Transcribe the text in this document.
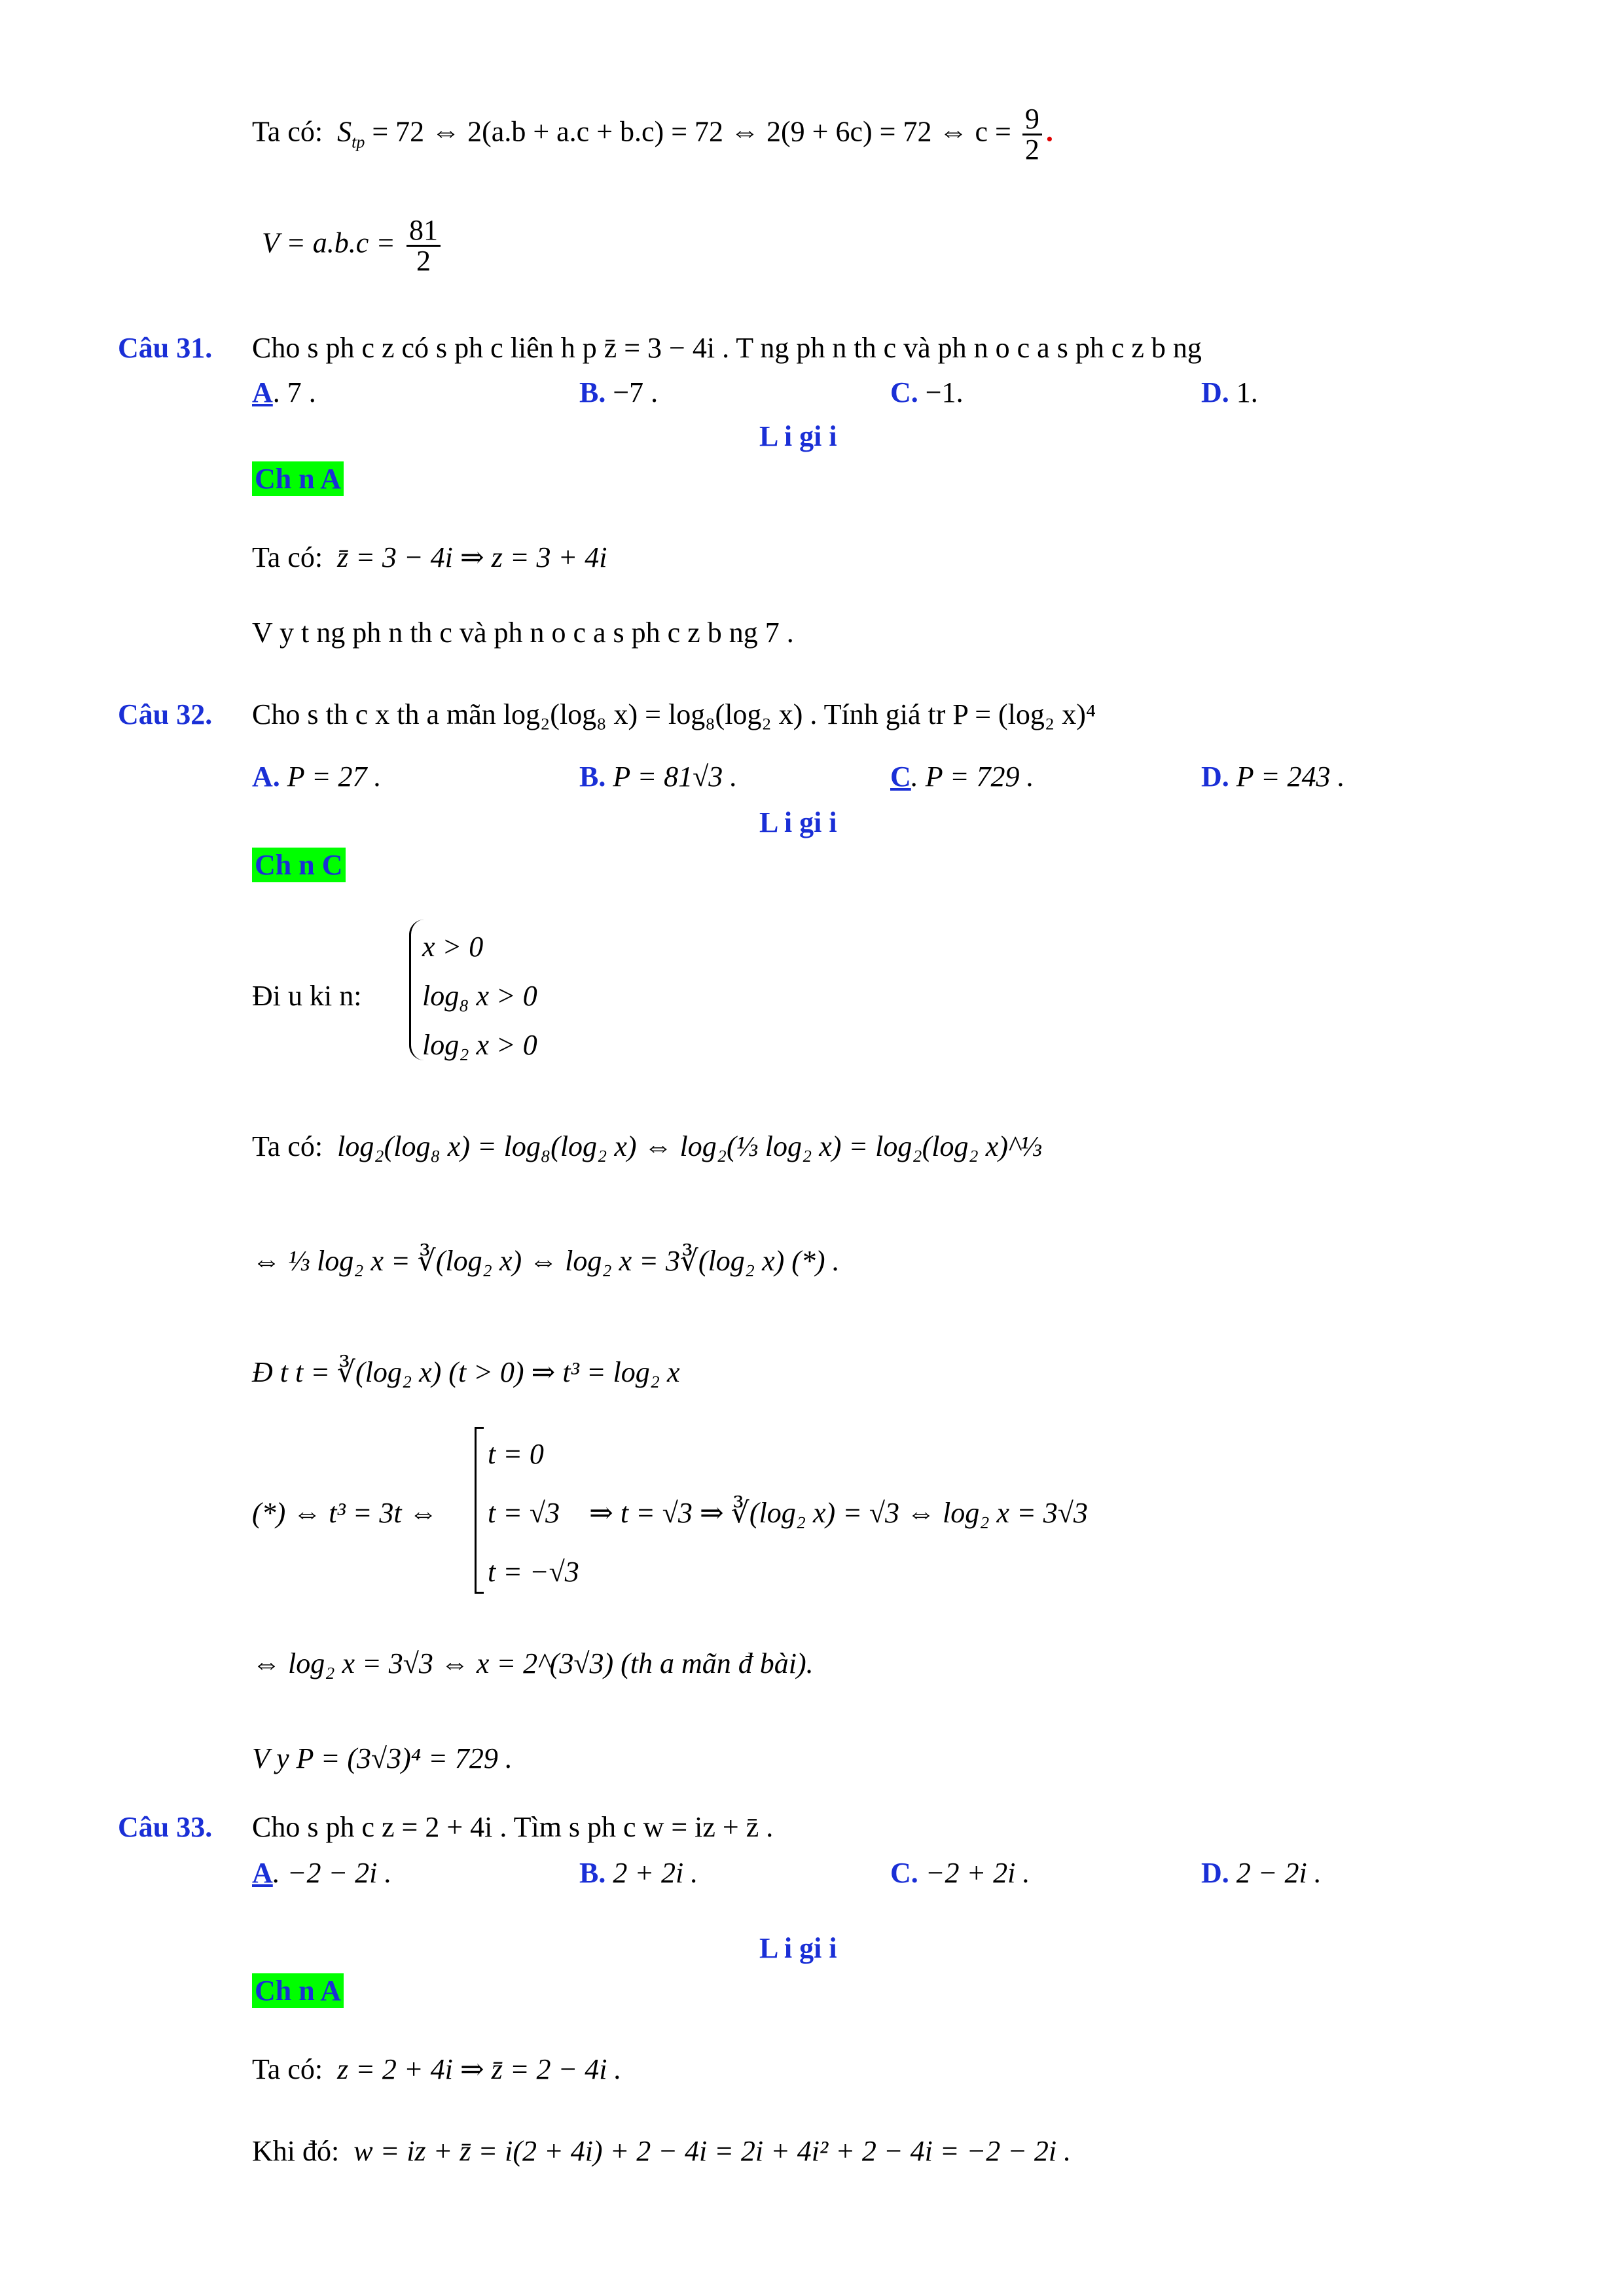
Ta có: $S_{tp} = 72$ ⇔ 2(a.b + a.c + b.c) = 72 ⇔ 2(9 + 6c) = 72 ⇔ $c = \frac{9}{2}$ .
$V = a.b.c = \frac{81}{2}$
Câu 31. Cho s ph c z có s ph c liên h p z̄ = 3 − 4i . T ng ph n th c và ph n o c a s ph c z b ng
A. 7 .	B. −7 .	C. −1.	D. 1.
L i gi i
Ch n A
Ta có: z̄ = 3 − 4i ⇒ z = 3 + 4i
V y t ng ph n th c và ph n o c a s ph c z b ng 7 .
Câu 32. Cho s th c x th a mãn log₂(log₈ x) = log₈(log₂ x) . Tính giá tr P = (log₂ x)⁴
A. P = 27 .	B. P = 81√3 .	C. P = 729 .	D. P = 243 .
L i gi i
Ch n C
Đi u ki n:
x > 0
log₈ x > 0
log₂ x > 0
Ta có: log₂(log₈ x) = log₈(log₂ x) ⇔ log₂(⅓ log₂ x) = log₂(log₂ x)^⅓
⇔ ⅓ log₂ x = ∛(log₂ x) ⇔ log₂ x = 3∛(log₂ x) (*) .
Đ t t = ∛(log₂ x) (t > 0) ⇒ t³ = log₂ x
(*) ⇔ t³ = 3t ⇔
t = 0
t = √3
t = −√3
⇒ t = √3 ⇒ ∛(log₂ x) = √3 ⇔ log₂ x = 3√3
⇔ log₂ x = 3√3 ⇔ x = 2^(3√3) (th a mãn đ bài).
V y P = (3√3)⁴ = 729 .
Câu 33. Cho s ph c z = 2 + 4i . Tìm s ph c w = iz + z̄ .
A. −2 − 2i .	B. 2 + 2i .	C. −2 + 2i .	D. 2 − 2i .
L i gi i
Ch n A
Ta có: z = 2 + 4i ⇒ z̄ = 2 − 4i .
Khi đó: w = iz + z̄ = i(2 + 4i) + 2 − 4i = 2i + 4i² + 2 − 4i = −2 − 2i .
